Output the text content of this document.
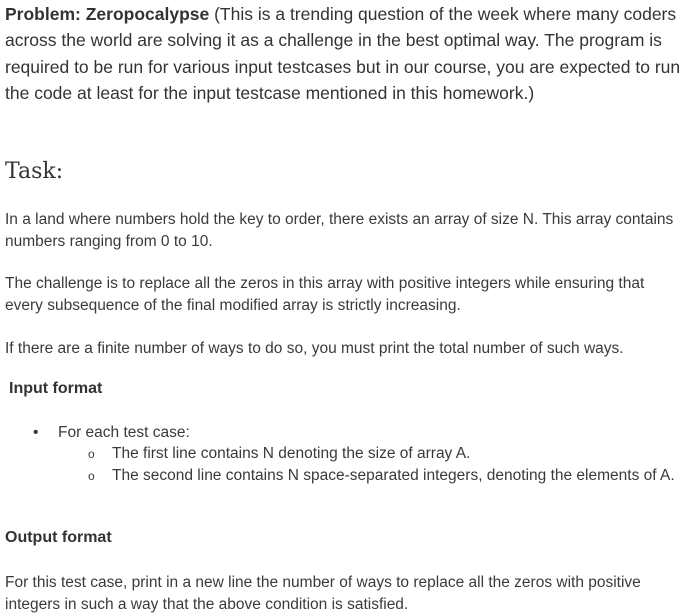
Problem: Zeropocalypse (This is a trending question of the week where many coders across the world are solving it as a challenge in the best optimal way. The program is required to be run for various input testcases but in our course, you are expected to run the code at least for the input testcase mentioned in this homework.)

Task:

In a land where numbers hold the key to order, there exists an array of size N. This array contains numbers ranging from 0 to 10.

The challenge is to replace all the zeros in this array with positive integers while ensuring that every subsequence of the final modified array is strictly increasing.

If there are a finite number of ways to do so, you must print the total number of such ways.

Input format
• For each test case:
o The first line contains N denoting the size of array A.
o The second line contains N space-separated integers, denoting the elements of A.
Output format

For this test case, print in a new line the number of ways to replace all the zeros with positive integers in such a way that the above condition is satisfied.
